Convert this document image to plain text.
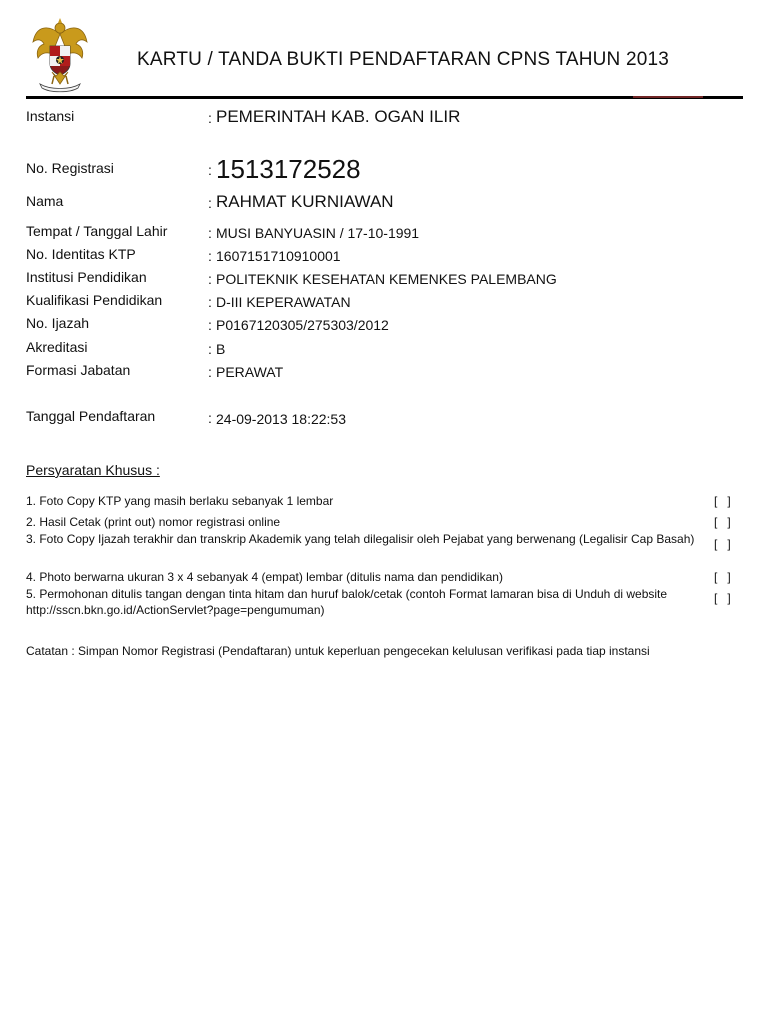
KARTU / TANDA BUKTI PENDAFTARAN CPNS TAHUN 2013
Instansi	: PEMERINTAH KAB. OGAN ILIR
No. Registrasi	: 1513172528
Nama	: RAHMAT KURNIAWAN
Tempat / Tanggal Lahir	: MUSI BANYUASIN / 17-10-1991
No. Identitas KTP	: 1607151710910001
Institusi Pendidikan	: POLITEKNIK KESEHATAN KEMENKES PALEMBANG
Kualifikasi Pendidikan	: D-III KEPERAWATAN
No. Ijazah	: P0167120305/275303/2012
Akreditasi	: B
Formasi Jabatan	: PERAWAT
Tanggal Pendaftaran	: 24-09-2013 18:22:53
Persyaratan Khusus :
1. Foto Copy KTP yang masih berlaku sebanyak 1 lembar	[   ]
2. Hasil Cetak (print out) nomor registrasi online	[   ]
3. Foto Copy Ijazah terakhir dan transkrip Akademik yang telah dilegalisir oleh Pejabat yang berwenang (Legalisir Cap Basah)	[   ]
4. Photo berwarna ukuran 3 x 4 sebanyak 4 (empat) lembar (ditulis nama dan pendidikan)	[   ]
5. Permohonan ditulis tangan dengan tinta hitam dan huruf balok/cetak (contoh Format lamaran bisa di Unduh di website http://sscn.bkn.go.id/ActionServlet?page=pengumuman)
[   ]
Catatan : Simpan Nomor Registrasi (Pendaftaran) untuk keperluan pengecekan kelulusan verifikasi pada tiap instansi
